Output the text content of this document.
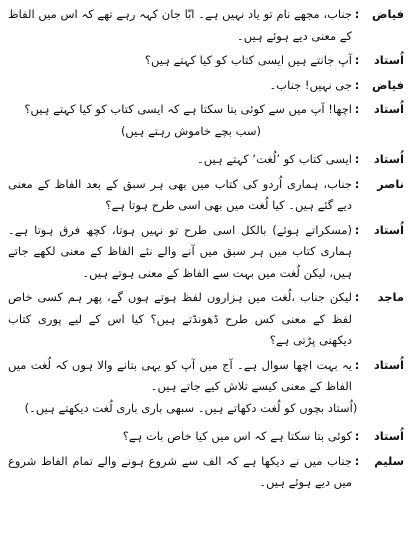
فیاض
:
جناب، مجھے نام تو یاد نہیں ہے۔ ابّا جان کہہ رہے تھے کہ اس میں الفاظ کے معنی دیے ہوئے ہیں۔
اُستاد
:
آپ جانتے ہیں ایسی کتاب کو کیا کہتے ہیں؟
فیاض
:
جی نہیں! جناب۔
اُستاد
:
اچھا! آپ میں سے کوئی بتا سکتا ہے کہ ایسی کتاب کو کیا کہتے ہیں؟
(سب بچے خاموش رہتے ہیں)
اُستاد
:
ایسی کتاب کو ’لُغت‘ کہتے ہیں۔
ناصر
:
جناب، ہماری اُردو کی کتاب میں بھی ہر سبق کے بعد الفاظ کے معنی دیے گئے ہیں۔ کیا لُغت میں بھی اسی طرح ہوتا ہے؟
اُستاد
:
(مسکراتے ہوئے) بالکل اسی طرح تو نہیں ہوتا، کچھ فرق ہوتا ہے۔ ہماری کتاب میں ہر سبق میں آنے والے نئے الفاظ کے معنی لکھے جاتے ہیں، لیکن لُغت میں بہت سے الفاظ کے معنی ہوتے ہیں۔
ماجد
:
لیکن جناب ،لُغت میں ہزاروں لفظ ہوتے ہوں گے، پھر ہم کسی خاص لفظ کے معنی کس طرح ڈھونڈتے ہیں؟ کیا اس کے لیے پوری کتاب دیکھنی پڑتی ہے؟
اُستاد
:
یہ بہت اچھا سوال ہے۔ آج میں آپ کو یہی بتانے والا ہوں کہ لُغت میں الفاظ کے معنی کیسے تلاش کیے جاتے ہیں۔
(اُستاد بچوں کو لُغت دکھاتے ہیں۔ سبھی باری باری لُغت دیکھتے ہیں۔)
اُستاد
:
کوئی بتا سکتا ہے کہ اس میں کیا خاص بات ہے؟
سلیم
:
جناب میں نے دیکھا ہے کہ الف سے شروع ہونے والے تمام الفاظ شروع میں دیے ہوئے ہیں۔
